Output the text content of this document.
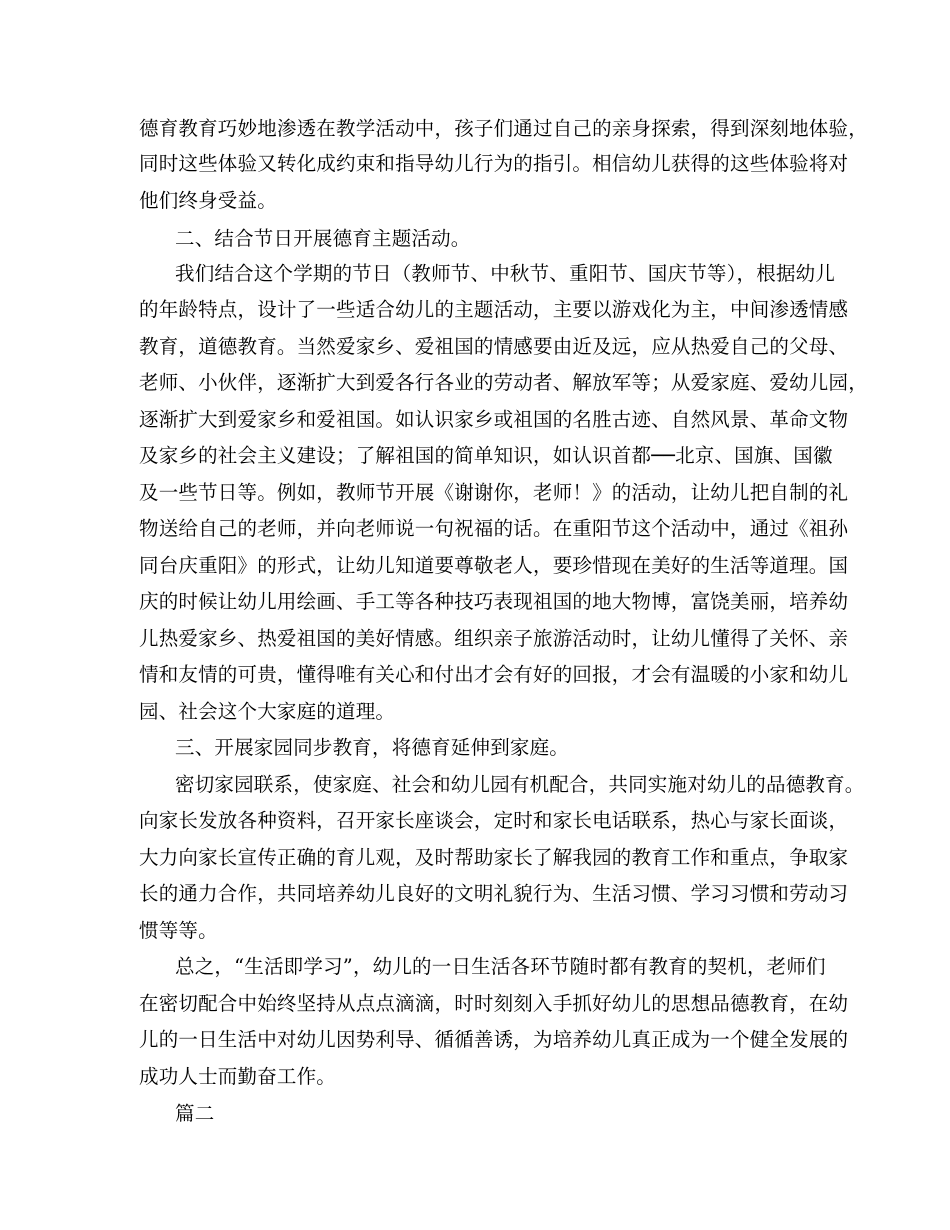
德育教育巧妙地渗透在教学活动中，孩子们通过自己的亲身探索，得到深刻地体验，
同时这些体验又转化成约束和指导幼儿行为的指引。相信幼儿获得的这些体验将对
他们终身受益。
二、结合节日开展德育主题活动。
我们结合这个学期的节日（教师节、中秋节、重阳节、国庆节等），根据幼儿
的年龄特点，设计了一些适合幼儿的主题活动，主要以游戏化为主，中间渗透情感
教育，道德教育。当然爱家乡、爱祖国的情感要由近及远，应从热爱自己的父母、
老师、小伙伴，逐渐扩大到爱各行各业的劳动者、解放军等；从爱家庭、爱幼儿园，
逐渐扩大到爱家乡和爱祖国。如认识家乡或祖国的名胜古迹、自然风景、革命文物
及家乡的社会主义建设；了解祖国的简单知识，如认识首都──北京、国旗、国徽
及一些节日等。例如，教师节开展《谢谢你，老师！》的活动，让幼儿把自制的礼
物送给自己的老师，并向老师说一句祝福的话。在重阳节这个活动中，通过《祖孙
同台庆重阳》的形式，让幼儿知道要尊敬老人，要珍惜现在美好的生活等道理。国
庆的时候让幼儿用绘画、手工等各种技巧表现祖国的地大物博，富饶美丽，培养幼
儿热爱家乡、热爱祖国的美好情感。组织亲子旅游活动时，让幼儿懂得了关怀、亲
情和友情的可贵，懂得唯有关心和付出才会有好的回报，才会有温暖的小家和幼儿
园、社会这个大家庭的道理。
三、开展家园同步教育，将德育延伸到家庭。
密切家园联系，使家庭、社会和幼儿园有机配合，共同实施对幼儿的品德教育。
向家长发放各种资料，召开家长座谈会，定时和家长电话联系，热心与家长面谈，
大力向家长宣传正确的育儿观，及时帮助家长了解我园的教育工作和重点，争取家
长的通力合作，共同培养幼儿良好的文明礼貌行为、生活习惯、学习习惯和劳动习
惯等等。
总之，“生活即学习”，幼儿的一日生活各环节随时都有教育的契机，老师们
在密切配合中始终坚持从点点滴滴，时时刻刻入手抓好幼儿的思想品德教育，在幼
儿的一日生活中对幼儿因势利导、循循善诱，为培养幼儿真正成为一个健全发展的
成功人士而勤奋工作。
篇二
